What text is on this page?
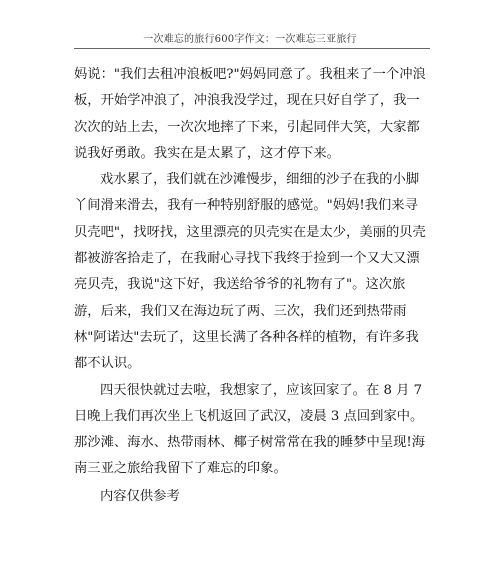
一次难忘的旅行600字作文：一次难忘三亚旅行

妈说："我们去租冲浪板吧?"妈妈同意了。我租来了一个冲浪板，开始学冲浪了，冲浪我没学过，现在只好自学了，我一次次的站上去，一次次地摔了下来，引起同伴大笑，大家都说我好勇敢。我实在是太累了，这才停下来。

戏水累了，我们就在沙滩慢步，细细的沙子在我的小脚丫间滑来滑去，我有一种特别舒服的感觉。"妈妈!我们来寻贝壳吧"，找呀找，这里漂亮的贝壳实在是太少，美丽的贝壳都被游客拾走了，在我耐心寻找下我终于捡到一个又大又漂亮贝壳，我说"这下好，我送给爷爷的礼物有了"。这次旅游，后来，我们又在海边玩了两、三次，我们还到热带雨林"阿诺达"去玩了，这里长满了各种各样的植物，有许多我都不认识。

四天很快就过去啦，我想家了，应该回家了。在 8 月 7 日晚上我们再次坐上飞机返回了武汉，凌晨 3 点回到家中。那沙滩、海水、热带雨林、椰子树常常在我的睡梦中呈现!海南三亚之旅给我留下了难忘的印象。

内容仅供参考
